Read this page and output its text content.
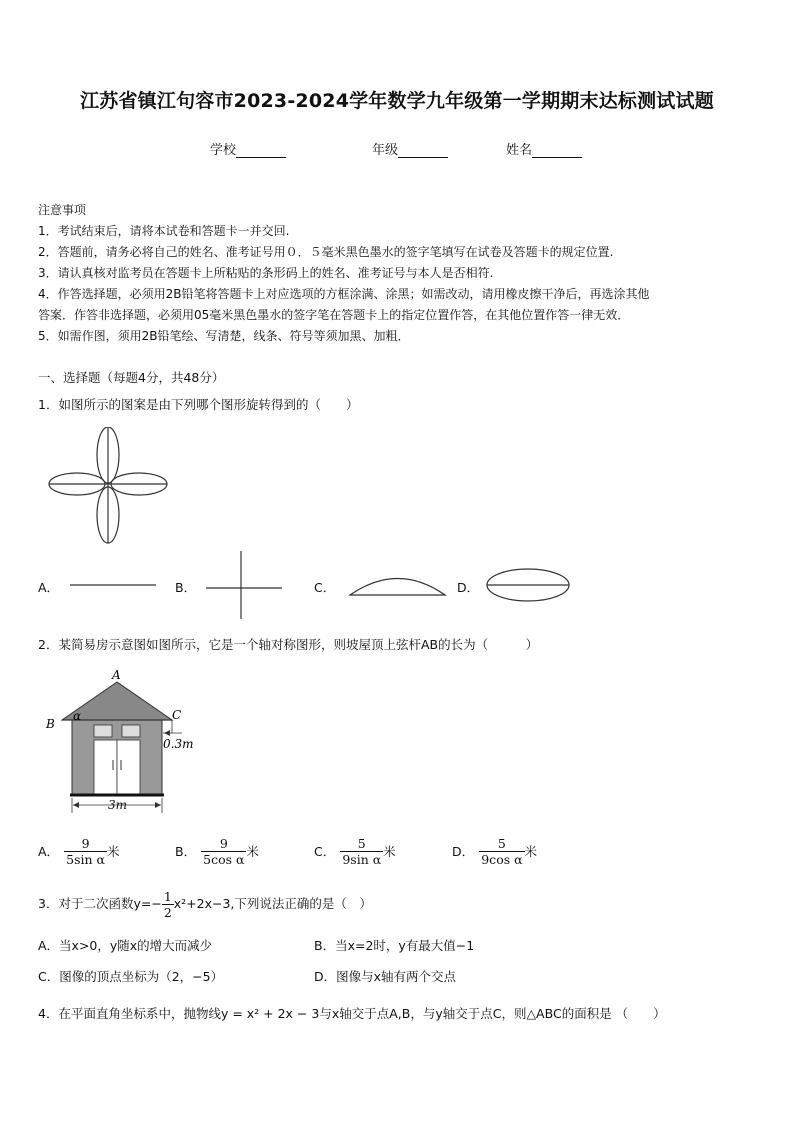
江苏省镇江句容市2023-2024学年数学九年级第一学期期末达标测试试题
学校	年级	姓名
注意事项
1．考试结束后，请将本试卷和答题卡一并交回.
2．答题前，请务必将自己的姓名、准考证号用０．５毫米黑色墨水的签字笔填写在试卷及答题卡的规定位置.
3．请认真核对监考员在答题卡上所粘贴的条形码上的姓名、准考证号与本人是否相符.
4．作答选择题，必须用2B铅笔将答题卡上对应选项的方框涂满、涂黑；如需改动，请用橡皮擦干净后，再选涂其他
答案．作答非选择题，必须用05毫米黑色墨水的签字笔在答题卡上的指定位置作答，在其他位置作答一律无效．
5．如需作图，须用2B铅笔绘、写清楚，线条、符号等须加黑、加粗．
一、选择题（每题4分，共48分）
1．如图所示的图案是由下列哪个图形旋转得到的（　　）
A．	B．	C．	D．
2．某简易房示意图如图所示，它是一个轴对称图形，则坡屋顶上弦杆AB的长为（　　　）
A
B
C
α
0.3m
3m
A． $\frac{9}{\text{5sin α}}$ 米	B． $\frac{9}{\text{5cos α}}$ 米	C． $\frac{5}{\text{9sin α}}$ 米	D． $\frac{5}{\text{9cos α}}$ 米
3．对于二次函数$y=- \frac{1}{2} x^2+2x-3$,下列说法正确的是（　）
A．当x>0，y随x的增大而减少	B．当x=2时，y有最大值−1
C．图像的顶点坐标为（2，−5）	D．图像与x轴有两个交点
4．在平面直角坐标系中，抛物线y = x² + 2x − 3与x轴交于点A,B，与y轴交于点C，则△ABC的面积是 （　　）
